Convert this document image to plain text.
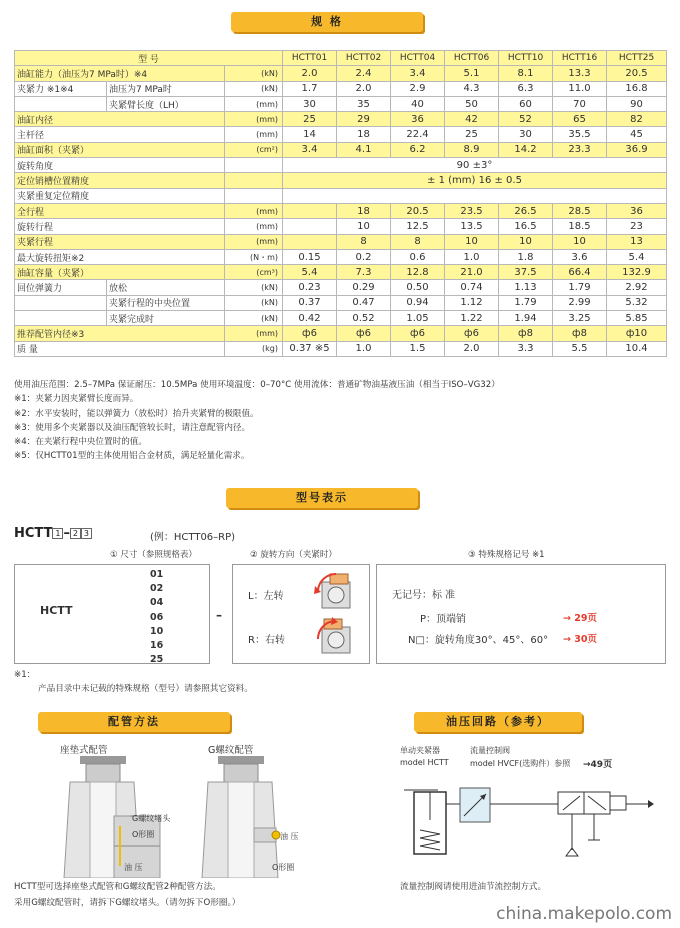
规 格
型 号			HCTT01	HCTT02	HCTT04	HCTT06	HCTT10	HCTT16	HCTT25
油缸能力（油压为7 MPa时）※4		(kN)	2.0	2.4	3.4	5.1	8.1	13.3	20.5
夹紧力 ※1※4	油压为7 MPa时	(kN)	1.7	2.0	2.9	4.3	6.3	11.0	16.8
	夹紧臂长度（LH）	(mm)	30	35	40	50	60	70	90
油缸内径		(mm)	25	29	36	42	52	65	82
主杆径		(mm)	14	18	22.4	25	30	35.5	45
油缸面积（夹紧）		(cm²)	3.4	4.1	6.2	8.9	14.2	23.3	36.9
旋转角度			90 ±3°						
定位销槽位置精度			± 1 (mm) 16 ± 0.5						
夹紧重复定位精度									
全行程		(mm)		18	20.5	23.5	26.5	28.5	36
旋转行程		(mm)		10	12.5	13.5	16.5	18.5	23
夹紧行程		(mm)		8	8	10	10	10	13
最大旋转扭矩※2		(N・m)	0.15	0.2	0.6	1.0	1.8	3.6	5.4
油缸容量（夹紧）		(cm³)	5.4	7.3	12.8	21.0	37.5	66.4	132.9
回位弹簧力	放松	(kN)	0.23	0.29	0.50	0.74	1.13	1.79	2.92
	夹紧行程的中央位置	(kN)	0.37	0.47	0.94	1.12	1.79	2.99	5.32
	夹紧完成时	(kN)	0.42	0.52	1.05	1.22	1.94	3.25	5.85
推荐配管内径※3		(mm)	ф6	ф6	ф6	ф6	ф8	ф8	ф10
质 量		(kg)	0.37 ※5	1.0	1.5	2.0	3.3	5.5	10.4
使用油压范围：2.5–7MPa 保证耐压：10.5MPa 使用环境温度：0–70°C 使用流体：普通矿物油基液压油（相当于ISO–VG32）
※1：夹紧力因夹紧臂长度而异。
※2：水平安装时，能以弹簧力（放松时）抬升夹紧臂的极限值。
※3：使用多个夹紧器以及油压配管较长时，请注意配管内径。
※4：在夹紧行程中央位置时的值。
※5：仅HCTT01型的主体使用铝合金材质，满足轻量化需求。
型号表示
HCTT 1 – 2 3	(例：HCTT06–RP)
① 尺寸（参照规格表）	② 旋转方向（夹紧时）	③ 特殊规格记号 ※1
HCTT
01
02
04
06
10
16
25
–
L：左转
R：右转
无记号：标 准
P：顶端销	→ 29页
N□：旋转角度30°、45°、60° → 30页
※1：
产品目录中未记载的特殊规格（型号）请参照其它资料。
配管方法
座垫式配管	G螺纹配管
G螺纹堵头
O形圈
油 压
油 压
O形圈
HCTT型可选择座垫式配管和G螺纹配管2种配管方法。
采用G螺纹配管时，请拆下G螺纹堵头。（请勿拆下O形圈。）
油压回路（参考）
单动夹紧器
model HCTT
流量控制阀
model HVCF(选购件）参照 →49页
流量控制阀请使用进油节流控制方式。
china.makepolo.com
